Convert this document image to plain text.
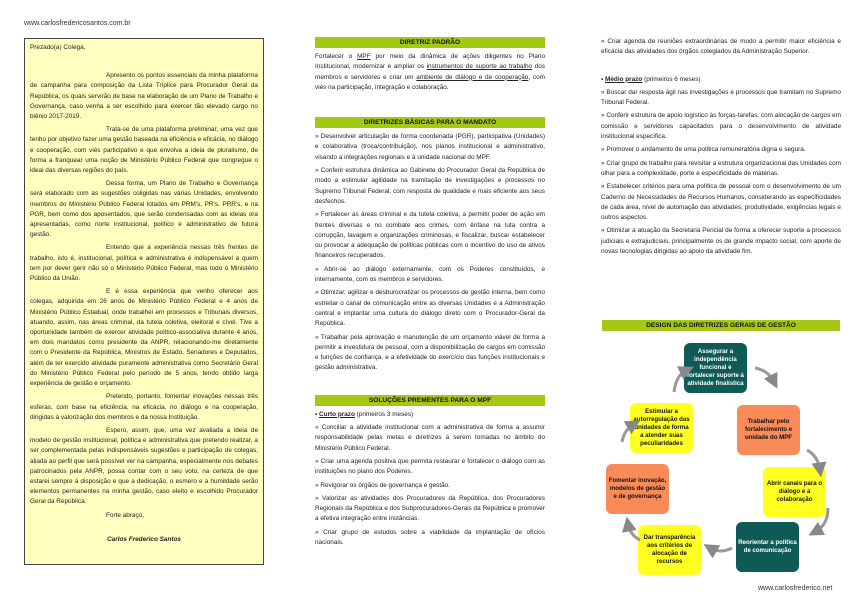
www.carlosfredericosantos.com.br

Prezado(a) Colega,

Apresento os pontos essenciais da minha plataforma de campanha para composição da Lista Tríplice para Procurador Geral da República, os quais servirão de base na elaboração de um Plano de Trabalho e Governança, caso venha a ser escolhido para exercer tão elevado cargo no biênio 2017-2019.

Trata-se de uma plataforma preliminar, uma vez que tenho por objetivo fazer uma gestão baseada na eficiência e eficácia, no diálogo e cooperação, com viés participativo e que envolva a ideia de pluralismo, de forma a franquear uma noção de Ministério Público Federal que congregue o ideal das diversas regiões do país.

Dessa forma, um Plano de Trabalho e Governança será elaborado com as sugestões coligidas nas várias Unidades, envolvendo membros do Ministério Público Federal lotados em PRM's, PR's, PRR's, e na PGR, bem como dos aposentados, que serão condensadas com as ideias ora apresentadas, como norte institucional, político e administrativo de futura gestão.

Entendo que a experiência nessas três frentes de trabalho, isto é, institucional, política e administrativa é indispensável a quem tem por dever gerir não só o Ministério Público Federal, mas todo o Ministério Público da União.

E é essa experiência que venho oferecer aos colegas, adquirida em 26 anos de Ministério Público Federal e 4 anos de Ministério Público Estadual, onde trabalhei em processos e Tribunais diversos, atuando, assim, nas áreas criminal, da tutela coletiva, eleitoral e cível. Tive a oportunidade também de exercer atividade político-associativa durante 4 anos, em dois mandatos como presidente da ANPR, relacionando-me diretamente com o Presidente da República, Ministros de Estado, Senadores e Deputados, além de ter exercido atividade puramente administrativa como Secretário Geral do Ministério Público Federal pelo período de 5 anos, tendo obtido larga experiência de gestão e orçamento.

Pretendo, portanto, fomentar inovações nessas três esferas, com base na eficiência, na eficácia, no diálogo e na cooperação, dirigidas à valorização dos membros e da nossa Instituição.

Espero, assim, que, uma vez avaliada a ideia de modelo de gestão institucional, política e administrativa que pretendo realizar, a ser complementada pelas indispensáveis sugestões e participação de colegas, aliada ao perfil que será possível ver na campanha, especialmente nos debates patrocinados pela ANPR, possa contar com o seu voto, na certeza de que estarei sempre à disposição e que a dedicação, o esmero e a humildade serão elementos permanentes na minha gestão, caso eleito e escolhido Procurador Geral da República.

Forte abraço,

Carlos Frederico Santos
DIRETRIZ PADRÃO

Fortalecer o MPF por meio da dinâmica de ações diligentes no Plano Institucional, modernizar e ampliar os instrumentos de suporte ao trabalho dos membros e servidores e criar um ambiente de diálogo e de cooperação, com viés na participação, integração e colaboração.

DIRETRIZES BÁSICAS PARA O MANDATO

» Desenvolver articulação de forma coordenada (PGR), participativa (Unidades) e colaborativa (troca/contribuição), nos planos institucional e administrativo, visando a integrações regionais e à unidade nacional do MPF.

» Conferir estrutura dinâmica ao Gabinete do Procurador Geral da República de modo a estimular agilidade na tramitação de investigações e processos no Supremo Tribunal Federal, com resposta de qualidade e mais eficiente aos seus desfechos.

» Fortalecer as áreas criminal e da tutela coletiva, a permitir poder de ação em frentes diversas e no combate aos crimes, com ênfase na luta contra a corrupção, lavagem e organizações criminosas, e fiscalizar, buscar estabelecer ou provocar a adequação de políticas públicas com o incentivo do uso de ativos financeiros recuperados.

» Abrir-se ao diálogo externamente, com os Poderes constituídos, e internamente, com os membros e servidores.

» Otimizar, agilizar e desburocratizar os processos de gestão interna, bem como estreitar o canal de comunicação entre as diversas Unidades e a Administração central e implantar uma cultura do diálogo direto com o Procurador-Geral da República.

» Trabalhar pela aprovação e manutenção de um orçamento viável de forma a permitir a investidura de pessoal, com a disponibilização de cargos em comissão e funções de confiança, e a efetividade do exercício das funções institucionais e gestão administrativa.

SOLUÇÕES PREMENTES PARA O MPF

▪ Curto prazo (primeiros 3 meses)

» Conciliar a atividade institucional com a administrativa de forma a assumir responsabilidade pelas metas e diretrizes a serem tomadas no âmbito do Ministério Público Federal.

» Criar uma agenda positiva que permita restaurar e fortalecer o diálogo com as instituições no plano dos Poderes.

» Revigorar os órgãos de governança e gestão.

» Valorizar as atividades dos Procuradores da República, dos Procuradores Regionais da República e dos Subprocuradores-Gerais da República e promover a efetiva integração entre instâncias.

» Criar grupo de estudos sobre a viabilidade da implantação de ofícios nacionais.

» Criar agenda de reuniões extraordinárias de modo a permitir maior eficiência e eficácia das atividades dos órgãos colegiados da Administração Superior.

▪ Médio prazo (primeiros 6 meses)

» Buscar dar resposta ágil nas investigações e processos que tramitam no Supremo Tribunal Federal.

» Conferir estrutura de apoio logístico às forças-tarefas, com alocação de cargos em comissão e servidores capacitados para o desenvolvimento de atividade institucional específica.

» Promover o andamento de uma política remuneratória digna e segura.

» Criar grupo de trabalho para revisitar a estrutura organizacional das Unidades com olhar para a complexidade, porte e especificidade de matérias.

» Estabelecer critérios para uma política de pessoal com o desenvolvimento de um Caderno de Necessidades de Recursos Humanos, considerando as especificidades de cada área, nível de automação das atividades, produtividade, exigências legais e outros aspectos.

» Otimizar a atuação da Secretaria Pericial de forma a oferecer suporte a processos judiciais e extrajudiciais, principalmente os de grande impacto social, com aporte de novas tecnologias dirigidas ao apoio da atividade fim.

DESIGN DAS DIRETRIZES GERAIS DE GESTÃO
Assegurar a independência funcional e fortalecer suporte à atividade finalística
Trabalhar pelo fortalecimento e unidade do MPF
Abrir canais para o diálogo e a colaboração
Reorientar a política de comunicação
Dar transparência aos critérios de alocação de recursos
Fomentar inovação, modelos de gestão e de governança
Estimular a autorregulação das unidades de forma a atender suas peculiaridades
www.carlosfrederico.net
